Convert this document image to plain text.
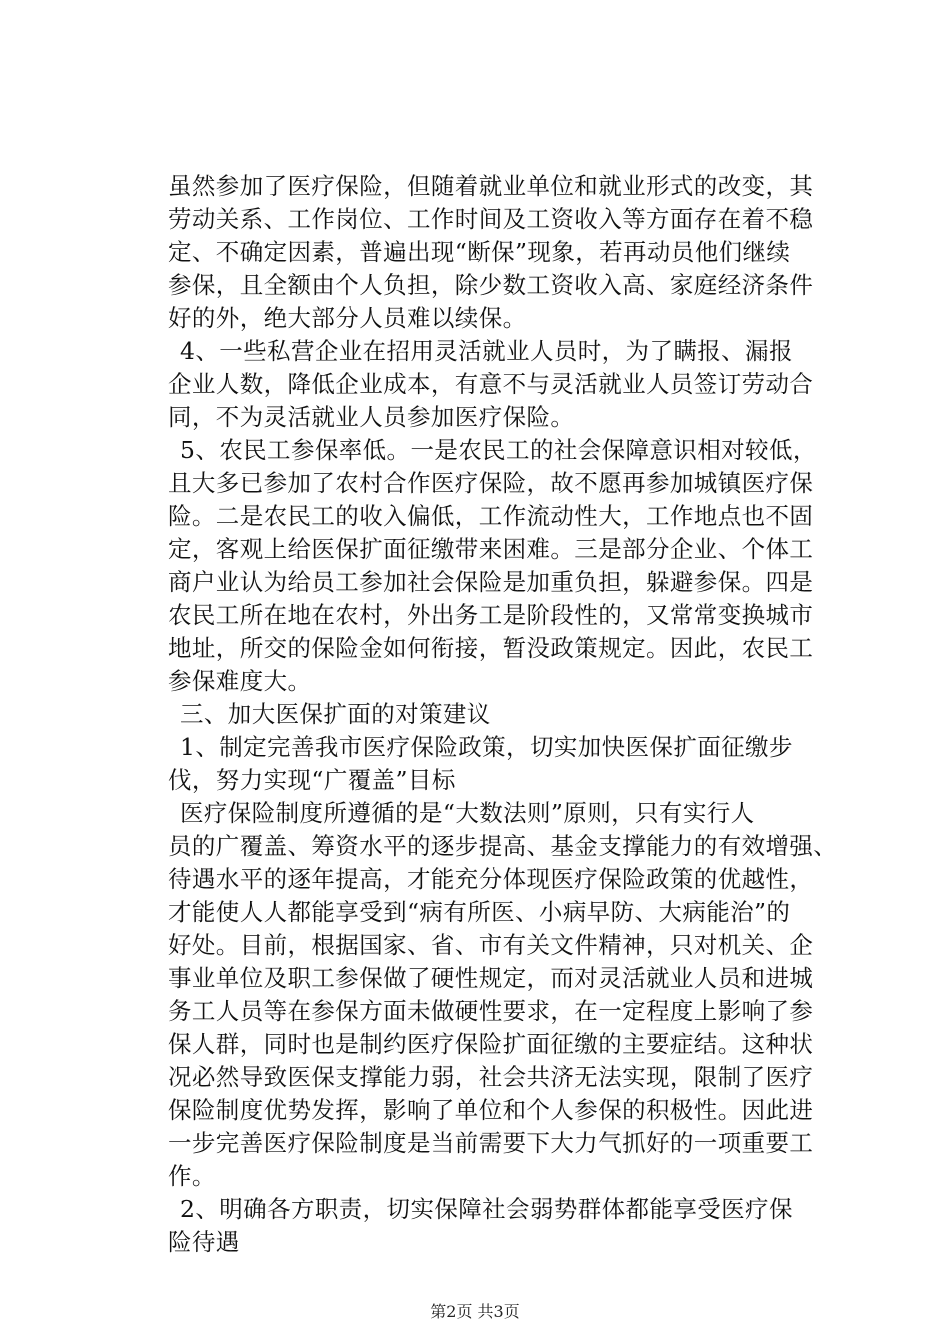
虽然参加了医疗保险，但随着就业单位和就业形式的改变，其
劳动关系、工作岗位、工作时间及工资收入等方面存在着不稳
定、不确定因素，普遍出现“断保”现象，若再动员他们继续
参保，且全额由个人负担，除少数工资收入高、家庭经济条件
好的外，绝大部分人员难以续保。
4、一些私营企业在招用灵活就业人员时，为了瞒报、漏报
企业人数，降低企业成本，有意不与灵活就业人员签订劳动合
同，不为灵活就业人员参加医疗保险。
5、农民工参保率低。一是农民工的社会保障意识相对较低，
且大多已参加了农村合作医疗保险，故不愿再参加城镇医疗保
险。二是农民工的收入偏低，工作流动性大，工作地点也不固
定，客观上给医保扩面征缴带来困难。三是部分企业、个体工
商户业认为给员工参加社会保险是加重负担，躲避参保。四是
农民工所在地在农村，外出务工是阶段性的，又常常变换城市
地址，所交的保险金如何衔接，暂没政策规定。因此，农民工
参保难度大。
三、加大医保扩面的对策建议
1、制定完善我市医疗保险政策，切实加快医保扩面征缴步
伐，努力实现“广覆盖”目标
医疗保险制度所遵循的是“大数法则”原则，只有实行人
员的广覆盖、筹资水平的逐步提高、基金支撑能力的有效增强、
待遇水平的逐年提高，才能充分体现医疗保险政策的优越性，
才能使人人都能享受到“病有所医、小病早防、大病能治”的
好处。目前，根据国家、省、市有关文件精神，只对机关、企
事业单位及职工参保做了硬性规定，而对灵活就业人员和进城
务工人员等在参保方面未做硬性要求，在一定程度上影响了参
保人群，同时也是制约医疗保险扩面征缴的主要症结。这种状
况必然导致医保支撑能力弱，社会共济无法实现，限制了医疗
保险制度优势发挥，影响了单位和个人参保的积极性。因此进
一步完善医疗保险制度是当前需要下大力气抓好的一项重要工
作。
2、明确各方职责，切实保障社会弱势群体都能享受医疗保
险待遇
第2页 共3页
